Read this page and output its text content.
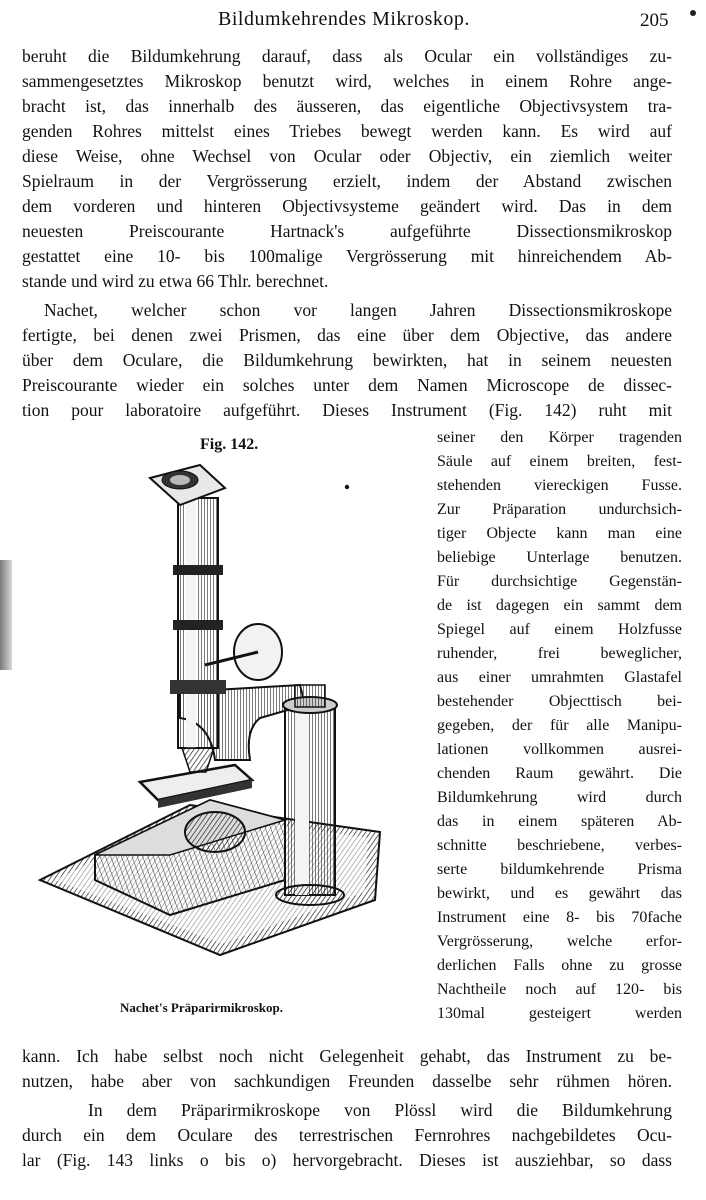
Bildumkehrendes Mikroskop.	205
beruht die Bildumkehrung darauf, dass als Ocular ein vollständiges zu-
sammengesetztes Mikroskop benutzt wird, welches in einem Rohre ange-
bracht ist, das innerhalb des äusseren, das eigentliche Objectivsystem tra-
genden Rohres mittelst eines Triebes bewegt werden kann. Es wird auf
diese Weise, ohne Wechsel von Ocular oder Objectiv, ein ziemlich weiter
Spielraum in der Vergrösserung erzielt, indem der Abstand zwischen
dem vorderen und hinteren Objectivsysteme geändert wird. Das in dem
neuesten Preiscourante Hartnack's aufgeführte Dissectionsmikroskop
gestattet eine 10- bis 100malige Vergrösserung mit hinreichendem Ab-
stande und wird zu etwa 66 Thlr. berechnet.
Nachet, welcher schon vor langen Jahren Dissectionsmikroskope
fertigte, bei denen zwei Prismen, das eine über dem Objective, das andere
über dem Oculare, die Bildumkehrung bewirkten, hat in seinem neuesten
Preiscourante wieder ein solches unter dem Namen Microscope de dissec-
tion pour laboratoire aufgeführt. Dieses Instrument (Fig. 142) ruht mit
Fig. 142.	seiner den Körper tragenden
Säule auf einem breiten, fest-
stehenden viereckigen Fusse.
Zur Präparation undurchsich-
tiger Objecte kann man eine
beliebige Unterlage benutzen.
Für durchsichtige Gegenstän-
de ist dagegen ein sammt dem
Spiegel auf einem Holzfusse
ruhender, frei beweglicher,
aus einer umrahmten Glastafel
bestehender Objecttisch bei-
gegeben, der für alle Manipu-
lationen vollkommen ausrei-
chenden Raum gewährt. Die
Bildumkehrung wird durch
das in einem späteren Ab-
schnitte beschriebene, verbes-
serte bildumkehrende Prisma
bewirkt, und es gewährt das
Instrument eine 8- bis 70fache
Vergrösserung, welche erfor-
derlichen Falls ohne zu grosse
Nachtheile noch auf 120- bis
130mal gesteigert werden
Nachet's Präparirmikroskop.
kann. Ich habe selbst noch nicht Gelegenheit gehabt, das Instrument zu be-
nutzen, habe aber von sachkundigen Freunden dasselbe sehr rühmen hören.
In dem Präparirmikroskope von Plössl wird die Bildumkehrung
durch ein dem Oculare des terrestrischen Fernrohres nachgebildetes Ocu-
lar (Fig. 143 links o bis o) hervorgebracht. Dieses ist ausziehbar, so dass
